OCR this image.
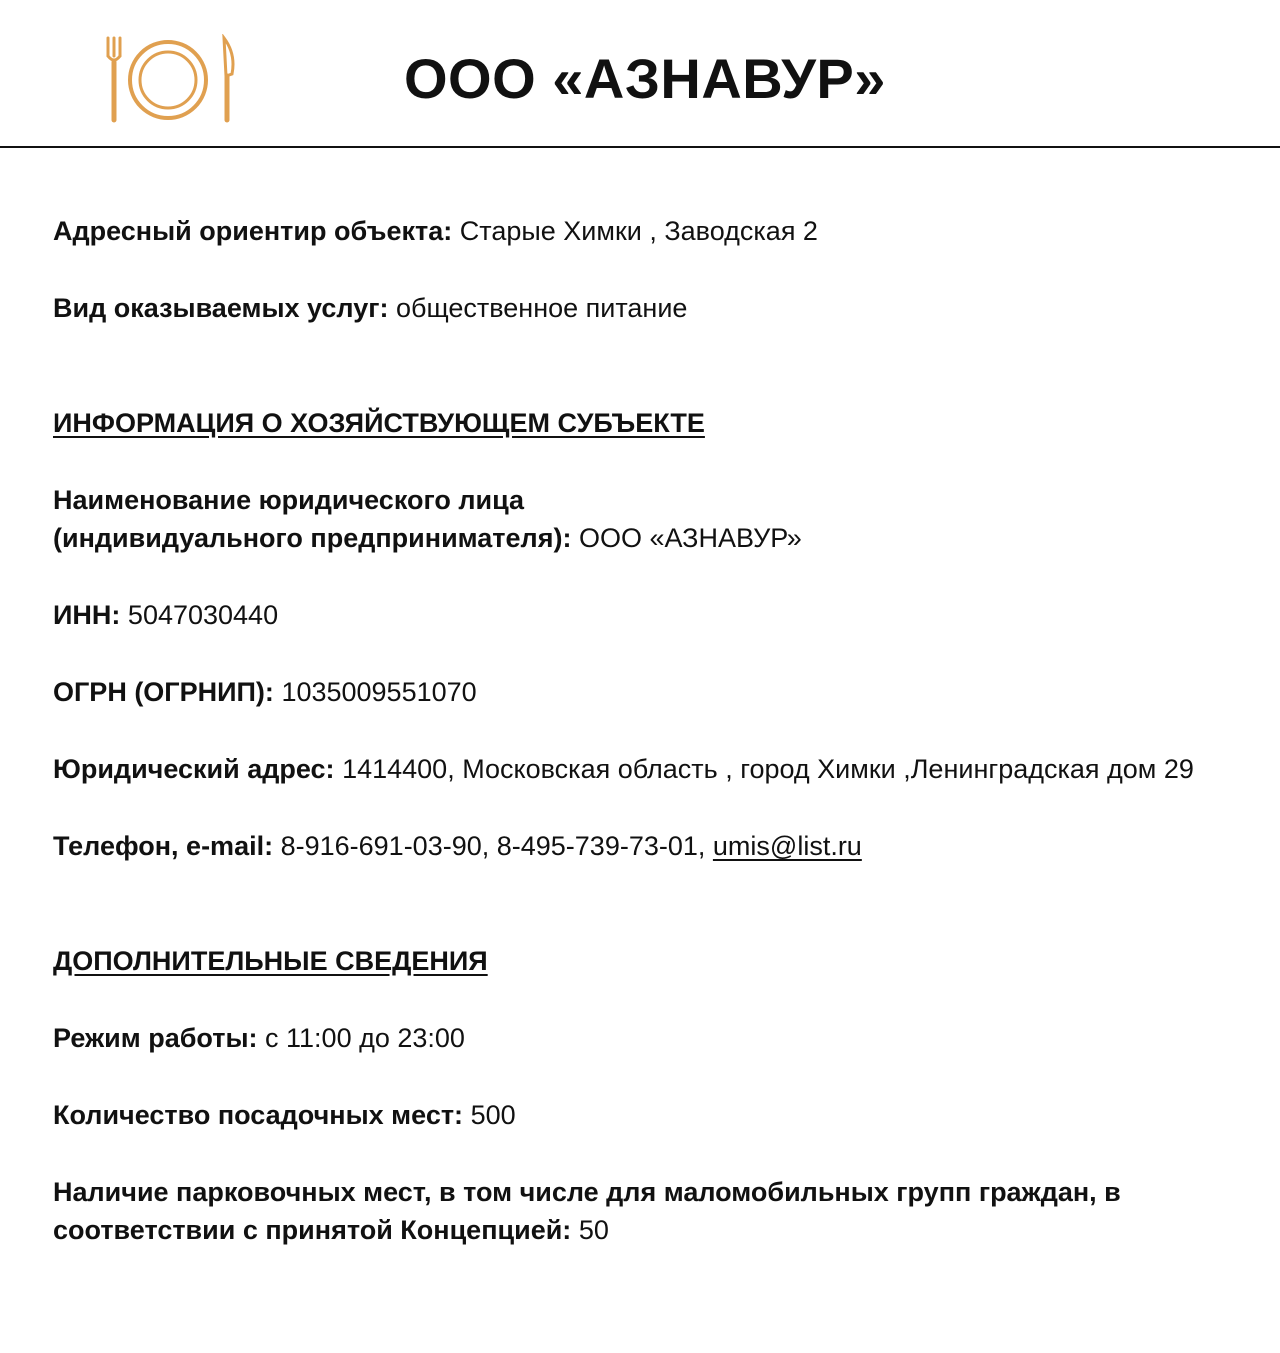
ООО «АЗНАВУР»

Адресный ориентир объекта: Старые Химки , Заводская 2

Вид оказываемых услуг: общественное питание

ИНФОРМАЦИЯ О ХОЗЯЙСТВУЮЩЕМ СУБЪЕКТЕ

Наименование юридического лица
(индивидуального предпринимателя): ООО «АЗНАВУР»

ИНН: 5047030440

ОГРН (ОГРНИП): 1035009551070

Юридический адрес: 1414400, Московская область , город Химки ,Ленинградская дом 29

Телефон, e-mail: 8-916-691-03-90, 8-495-739-73-01, umis@list.ru

ДОПОЛНИТЕЛЬНЫЕ СВЕДЕНИЯ

Режим работы: с 11:00 до 23:00

Количество посадочных мест: 500

Наличие парковочных мест, в том числе для маломобильных групп граждан, в соответствии с принятой Концепцией: 50
